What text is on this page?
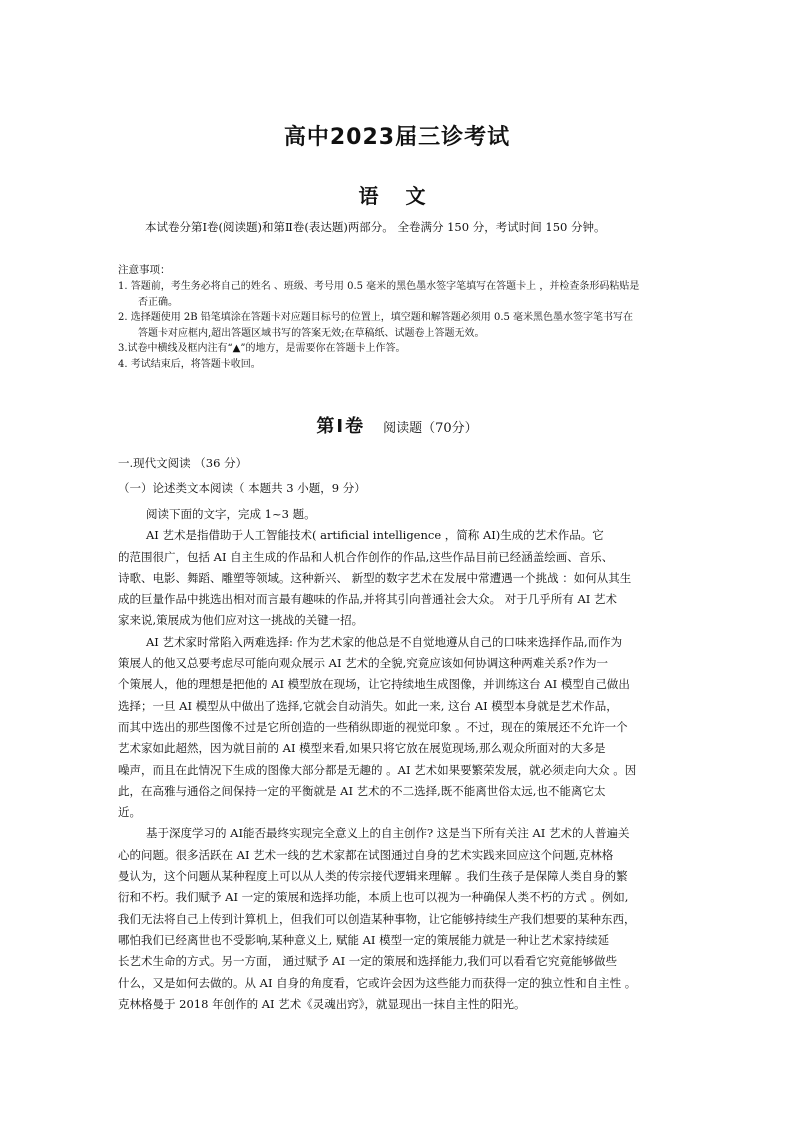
高中2023届三诊考试
语 文
本试卷分第Ⅰ卷(阅读题)和第Ⅱ卷(表达题)两部分。 全卷满分 150 分，考试时间 150 分钟。
注意事项：

1. 答题前，考生务必将自己的姓名 、班级、考号用 0.5 毫米的黑色墨水签字笔填写在答题卡上 ，并检查条形码粘贴是

否正确。

2. 选择题使用 2B 铅笔填涂在答题卡对应题目标号的位置上，填空题和解答题必须用 0.5 毫米黑色墨水签字笔书写在

答题卡对应框内,超出答题区域书写的答案无效;在草稿纸、试题卷上答题无效。

3.试卷中横线及框内注有“▲”的地方，是需要你在答题卡上作答。

4. 考试结束后，将答题卡收回。

第Ⅰ卷 阅读题（70分）
一.现代文阅读 （36 分）
（一）论述类文本阅读（ 本题共 3 小题，9 分）

阅读下面的文字，完成 1~3 题。

AI 艺术是指借助于人工智能技术( artificial intelligence ，简称 AI)生成的艺术作品。它

的范围很广，包括 AI 自主生成的作品和人机合作创作的作品,这些作品目前已经涵盖绘画、音乐、

诗歌、电影、舞蹈、雕塑等领域。这种新兴、 新型的数字艺术在发展中常遭遇一个挑战 ：如何从其生

成的巨量作品中挑选出相对而言最有趣味的作品,并将其引向普通社会大众。 对于几乎所有 AI 艺术

家来说,策展成为他们应对这一挑战的关键一招。

AI 艺术家时常陷入两难选择: 作为艺术家的他总是不自觉地遵从自己的口味来选择作品,而作为

策展人的他又总要考虑尽可能向观众展示 AI 艺术的全貌,究竟应该如何协调这种两难关系?作为一

个策展人，他的理想是把他的 AI 模型放在现场，让它持续地生成图像，并训练这台 AI 模型自己做出

选择；一旦 AI 模型从中做出了选择,它就会自动消失。如此一来, 这台 AI 模型本身就是艺术作品，

而其中选出的那些图像不过是它所创造的一些稍纵即逝的视觉印象 。不过，现在的策展还不允许一个

艺术家如此超然，因为就目前的 AI 模型来看,如果只将它放在展览现场,那么观众所面对的大多是

噪声，而且在此情况下生成的图像大部分都是无趣的 。AI 艺术如果要繁荣发展，就必须走向大众 。因

此，在高雅与通俗之间保持一定的平衡就是 AI 艺术的不二选择,既不能离世俗太远,也不能离它太

近。

基于深度学习的 AI能否最终实现完全意义上的自主创作? 这是当下所有关注 AI 艺术的人普遍关

心的问题。很多活跃在 AI 艺术一线的艺术家都在试图通过自身的艺术实践来回应这个问题,克林格

曼认为，这个问题从某种程度上可以从人类的传宗接代逻辑来理解 。我们生孩子是保障人类自身的繁

衍和不朽。我们赋予 AI 一定的策展和选择功能，本质上也可以视为一种确保人类不朽的方式 。例如,

我们无法将自己上传到计算机上，但我们可以创造某种事物，让它能够持续生产我们想要的某种东西，

哪怕我们已经离世也不受影响,某种意义上, 赋能 AI 模型一定的策展能力就是一种让艺术家持续延

长艺术生命的方式。另一方面， 通过赋予 AI 一定的策展和选择能力,我们可以看看它究竟能够做些

什么，又是如何去做的。从 AI 自身的角度看，它或许会因为这些能力而获得一定的独立性和自主性 。

克林格曼于 2018 年创作的 AI 艺术《灵魂出窍》，就显现出一抹自主性的阳光。
